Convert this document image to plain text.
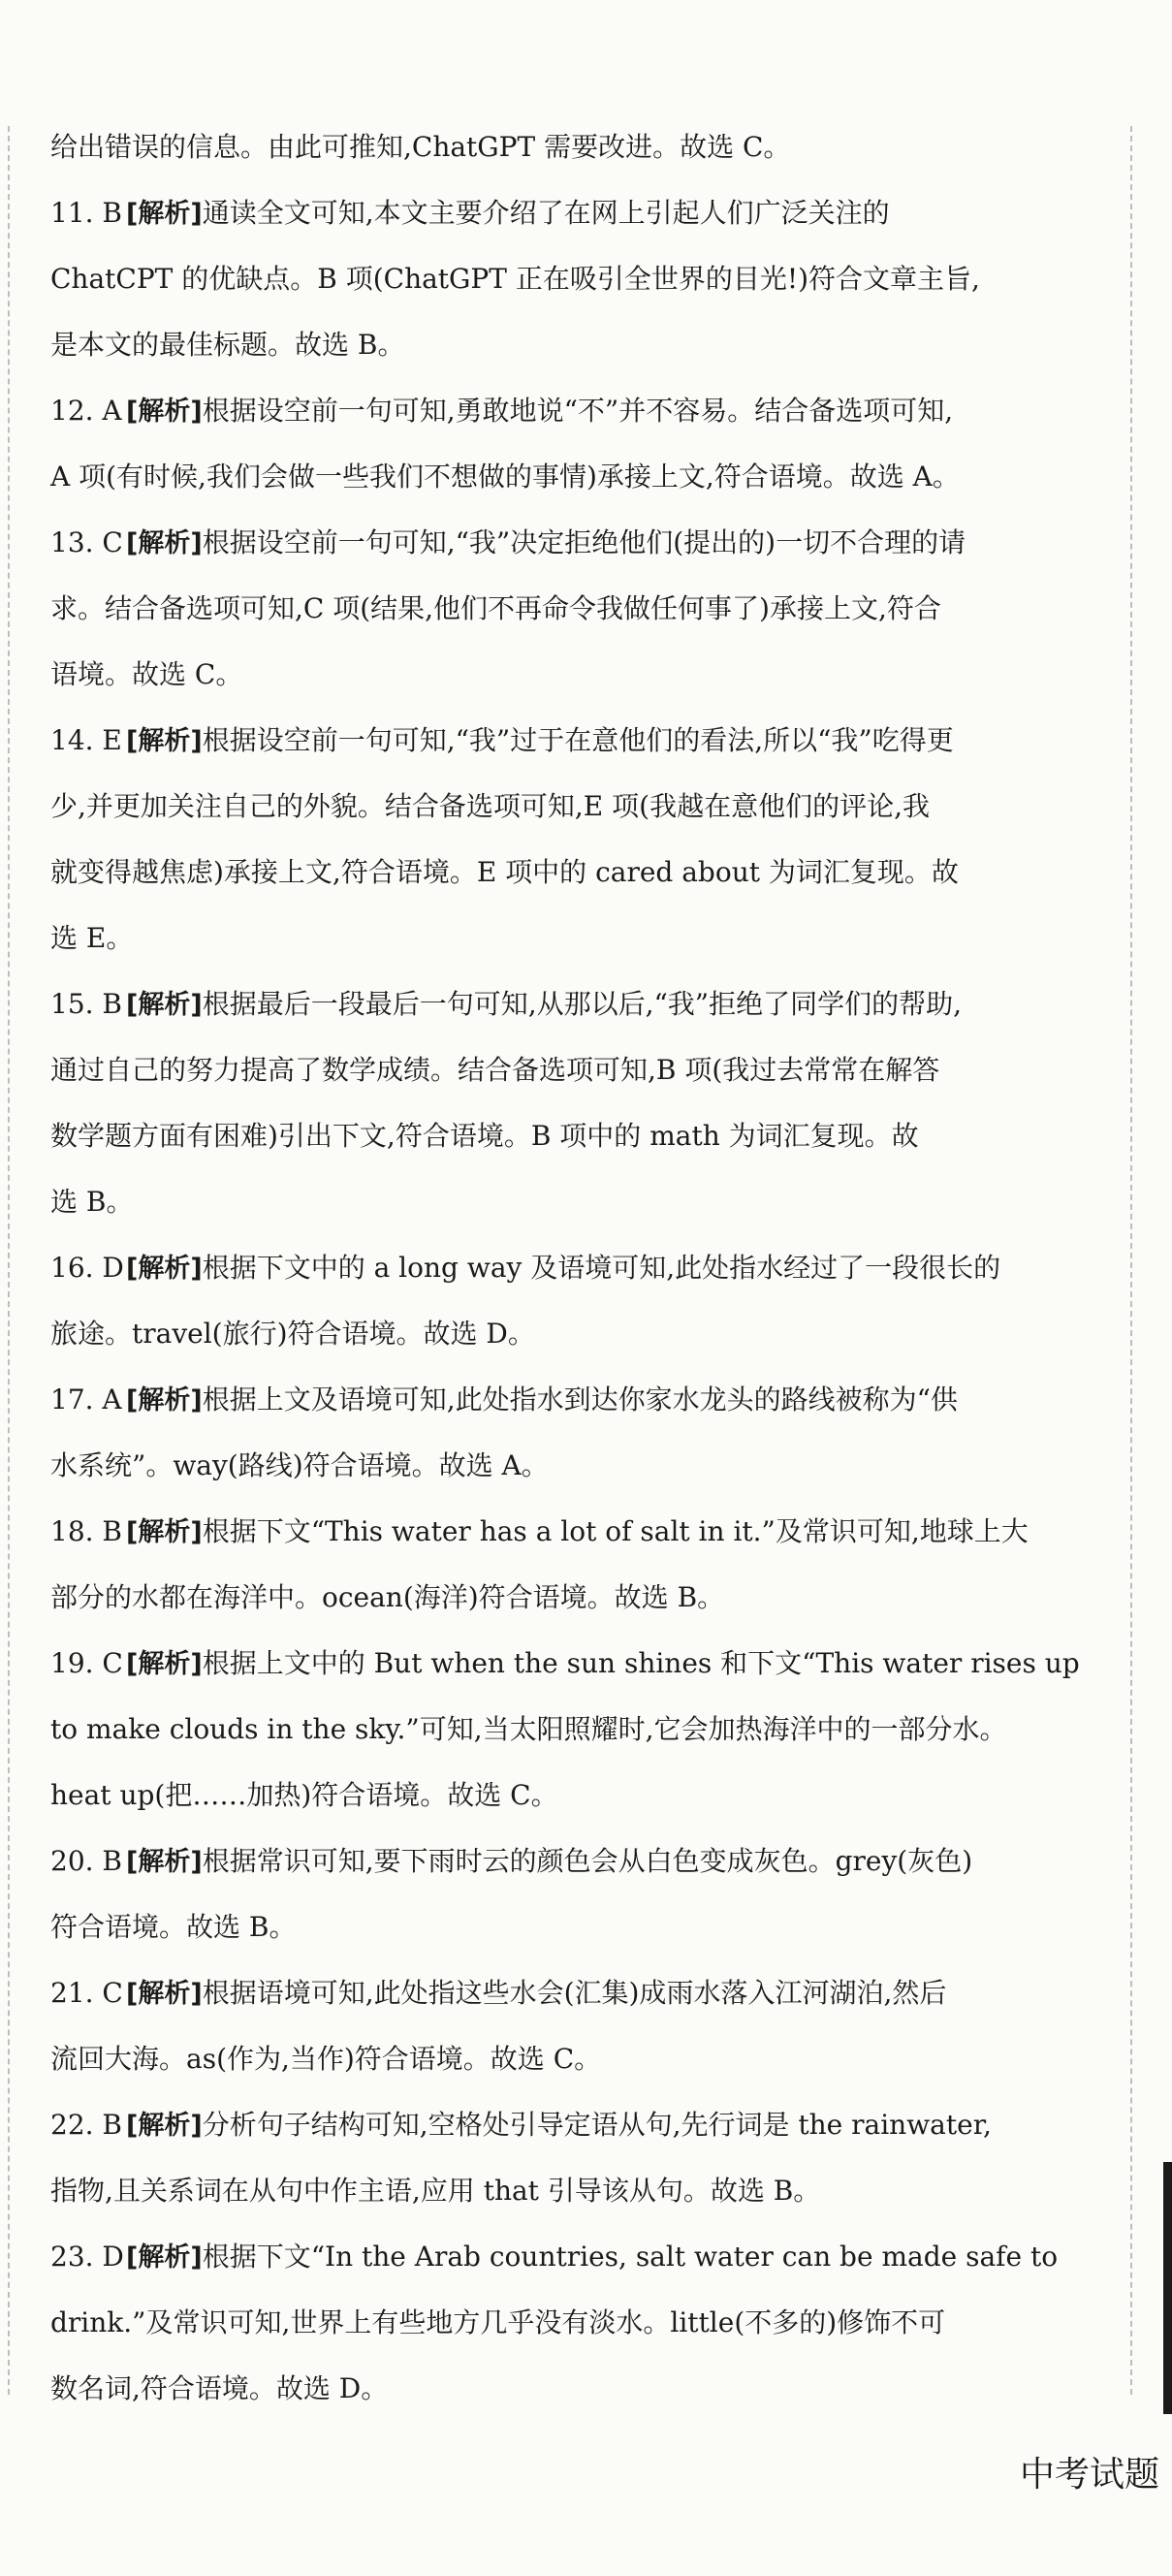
给出错误的信息。由此可推知,ChatGPT 需要改进。故选 C。
11. B [解析]通读全文可知,本文主要介绍了在网上引起人们广泛关注的
ChatCPT 的优缺点。B 项(ChatGPT 正在吸引全世界的目光!)符合文章主旨,
是本文的最佳标题。故选 B。
12. A [解析]根据设空前一句可知,勇敢地说“不”并不容易。结合备选项可知,
A 项(有时候,我们会做一些我们不想做的事情)承接上文,符合语境。故选 A。
13. C [解析]根据设空前一句可知,“我”决定拒绝他们(提出的)一切不合理的请
求。结合备选项可知,C 项(结果,他们不再命令我做任何事了)承接上文,符合
语境。故选 C。
14. E [解析]根据设空前一句可知,“我”过于在意他们的看法,所以“我”吃得更
少,并更加关注自己的外貌。结合备选项可知,E 项(我越在意他们的评论,我
就变得越焦虑)承接上文,符合语境。E 项中的 cared about 为词汇复现。故
选 E。
15. B [解析]根据最后一段最后一句可知,从那以后,“我”拒绝了同学们的帮助,
通过自己的努力提高了数学成绩。结合备选项可知,B 项(我过去常常在解答
数学题方面有困难)引出下文,符合语境。B 项中的 math 为词汇复现。故
选 B。
16. D[解析]根据下文中的 a long way 及语境可知,此处指水经过了一段很长的
旅途。travel(旅行)符合语境。故选 D。
17. A [解析]根据上文及语境可知,此处指水到达你家水龙头的路线被称为“供
水系统”。way(路线)符合语境。故选 A。
18. B [解析]根据下文“This water has a lot of salt in it.”及常识可知,地球上大
部分的水都在海洋中。ocean(海洋)符合语境。故选 B。
19. C [解析]根据上文中的 But when the sun shines 和下文“This water rises up
to make clouds in the sky.”可知,当太阳照耀时,它会加热海洋中的一部分水。
heat up(把……加热)符合语境。故选 C。
20. B [解析]根据常识可知,要下雨时云的颜色会从白色变成灰色。grey(灰色)
符合语境。故选 B。
21. C [解析]根据语境可知,此处指这些水会(汇集)成雨水落入江河湖泊,然后
流回大海。as(作为,当作)符合语境。故选 C。
22. B [解析]分析句子结构可知,空格处引导定语从句,先行词是 the rainwater,
指物,且关系词在从句中作主语,应用 that 引导该从句。故选 B。
23. D[解析]根据下文“In the Arab countries, salt water can be made safe to
drink.”及常识可知,世界上有些地方几乎没有淡水。little(不多的)修饰不可
数名词,符合语境。故选 D。
中考试题
